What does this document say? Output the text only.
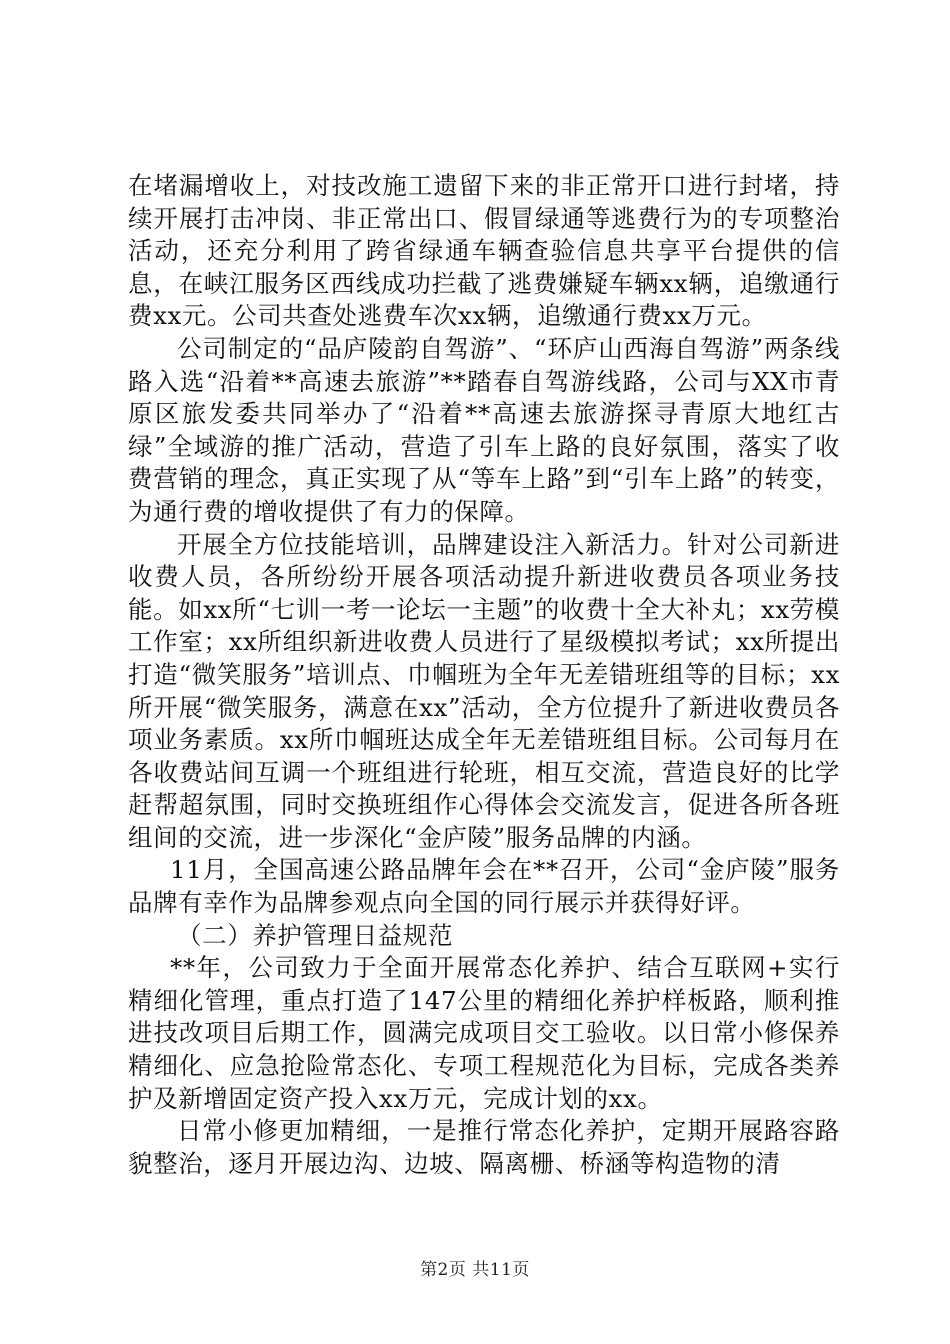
在堵漏增收上，对技改施工遗留下来的非正常开口进行封堵，持续开展打击冲岗、非正常出口、假冒绿通等逃费行为的专项整治活动，还充分利用了跨省绿通车辆查验信息共享平台提供的信息，在峡江服务区西线成功拦截了逃费嫌疑车辆xx辆，追缴通行费xx元。公司共查处逃费车次xx辆，追缴通行费xx万元。

公司制定的“品庐陵韵自驾游”、“环庐山西海自驾游”两条线路入选“沿着**高速去旅游”**踏春自驾游线路，公司与XX市青原区旅发委共同举办了“沿着**高速去旅游探寻青原大地红古绿”全域游的推广活动，营造了引车上路的良好氛围，落实了收费营销的理念，真正实现了从“等车上路”到“引车上路”的转变，为通行费的增收提供了有力的保障。

开展全方位技能培训，品牌建设注入新活力。针对公司新进收费人员，各所纷纷开展各项活动提升新进收费员各项业务技能。如xx所“七训一考一论坛一主题”的收费十全大补丸；xx劳模工作室；xx所组织新进收费人员进行了星级模拟考试；xx所提出打造“微笑服务”培训点、巾帼班为全年无差错班组等的目标；xx所开展“微笑服务，满意在xx”活动，全方位提升了新进收费员各项业务素质。xx所巾帼班达成全年无差错班组目标。公司每月在各收费站间互调一个班组进行轮班，相互交流，营造良好的比学赶帮超氛围，同时交换班组作心得体会交流发言，促进各所各班组间的交流，进一步深化“金庐陵”服务品牌的内涵。

11月，全国高速公路品牌年会在**召开，公司“金庐陵”服务品牌有幸作为品牌参观点向全国的同行展示并获得好评。

（二）养护管理日益规范

**年，公司致力于全面开展常态化养护、结合互联网+实行精细化管理，重点打造了147公里的精细化养护样板路，顺利推进技改项目后期工作，圆满完成项目交工验收。以日常小修保养精细化、应急抢险常态化、专项工程规范化为目标，完成各类养护及新增固定资产投入xx万元，完成计划的xx。

日常小修更加精细，一是推行常态化养护，定期开展路容路貌整治，逐月开展边沟、边坡、隔离栅、桥涵等构造物的清

第2页 共11页
